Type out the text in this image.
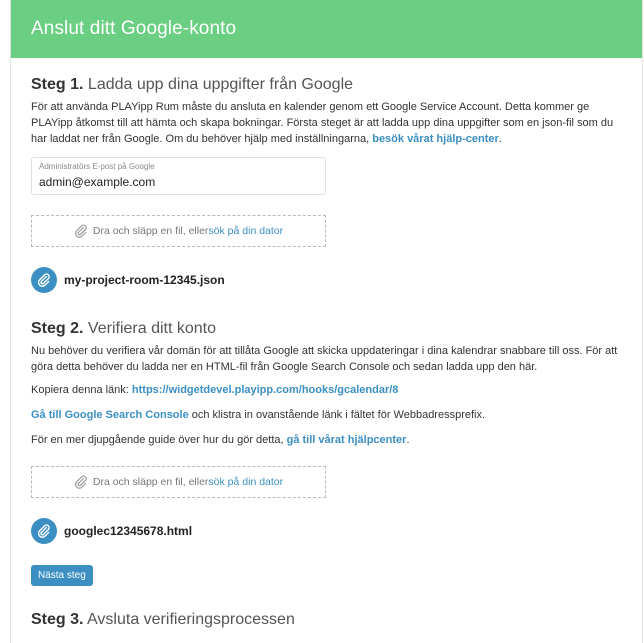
Anslut ditt Google-konto
Steg 1. Ladda upp dina uppgifter från Google

För att använda PLAYipp Rum måste du ansluta en kalender genom ett Google Service Account. Detta kommer ge PLAYipp åtkomst till att hämta och skapa bokningar. Första steget är att ladda upp dina uppgifter som en json-fil som du har laddat ner från Google. Om du behöver hjälp med inställningarna, besök vårat hjälp-center.

Administratörs E-post på Google
admin@example.com
Dra och släpp en fil, eller sök på din dator
my-project-room-12345.json
Steg 2. Verifiera ditt konto

Nu behöver du verifiera vår domän för att tillåta Google att skicka uppdateringar i dina kalendrar snabbare till oss. För att göra detta behöver du ladda ner en HTML-fil från Google Search Console och sedan ladda upp den här.

Kopiera denna länk: https://widgetdevel.playipp.com/hooks/gcalendar/8

Gå till Google Search Console och klistra in ovanstående länk i fältet för Webbadressprefix.

För en mer djupgående guide över hur du gör detta, gå till vårat hjälpcenter.

Dra och släpp en fil, eller sök på din dator
googlec12345678.html
Nästa steg
Steg 3. Avsluta verifieringsprocessen
